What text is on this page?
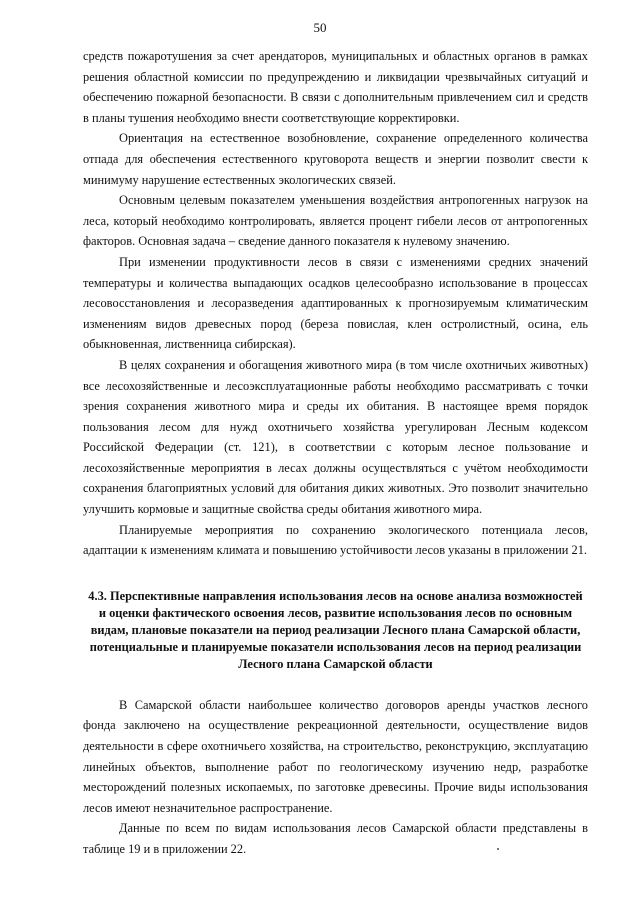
50

средств пожаротушения за счет арендаторов, муниципальных и областных органов в рамках решения областной комиссии по предупреждению и ликвидации чрезвычайных ситуаций и обеспечению пожарной безопасности. В связи с дополнительным привлечением сил и средств в планы тушения необходимо внести соответствующие корректировки.

Ориентация на естественное возобновление, сохранение определенного количества отпада для обеспечения естественного круговорота веществ и энергии позволит свести к минимуму нарушение естественных экологических связей.

Основным целевым показателем уменьшения воздействия антропогенных нагрузок на леса, который необходимо контролировать, является процент гибели лесов от антропогенных факторов. Основная задача – сведение данного показателя к нулевому значению.

При изменении продуктивности лесов в связи с изменениями средних значений температуры и количества выпадающих осадков целесообразно использование в процессах лесовосстановления и лесоразведения адаптированных к прогнозируемым климатическим изменениям видов древесных пород (береза повислая, клен остролистный, осина, ель обыкновенная, лиственница сибирская).

В целях сохранения и обогащения животного мира (в том числе охотничьих животных) все лесохозяйственные и лесоэксплуатационные работы необходимо рассматривать с точки зрения сохранения животного мира и среды их обитания. В настоящее время порядок пользования лесом для нужд охотничьего хозяйства урегулирован Лесным кодексом Российской Федерации (ст. 121), в соответствии с которым лесное пользование и лесохозяйственные мероприятия в лесах должны осуществляться с учётом необходимости сохранения благоприятных условий для обитания диких животных. Это позволит значительно улучшить кормовые и защитные свойства среды обитания животного мира.

Планируемые мероприятия по сохранению экологического потенциала лесов, адаптации к изменениям климата и повышению устойчивости лесов указаны в приложении 21.

4.3. Перспективные направления использования лесов на основе анализа возможностей и оценки фактического освоения лесов, развитие использования лесов по основным видам, плановые показатели на период реализации Лесного плана Самарской области, потенциальные и планируемые показатели использования лесов на период реализации Лесного плана Самарской области

В Самарской области наибольшее количество договоров аренды участков лесного фонда заключено на осуществление рекреационной деятельности, осуществление видов деятельности в сфере охотничьего хозяйства, на строительство, реконструкцию, эксплуатацию линейных объектов, выполнение работ по геологическому изучению недр, разработке месторождений полезных ископаемых, по заготовке древесины. Прочие виды использования лесов имеют незначительное распространение.

Данные по всем по видам использования лесов Самарской области представлены в таблице 19 и в приложении 22.
